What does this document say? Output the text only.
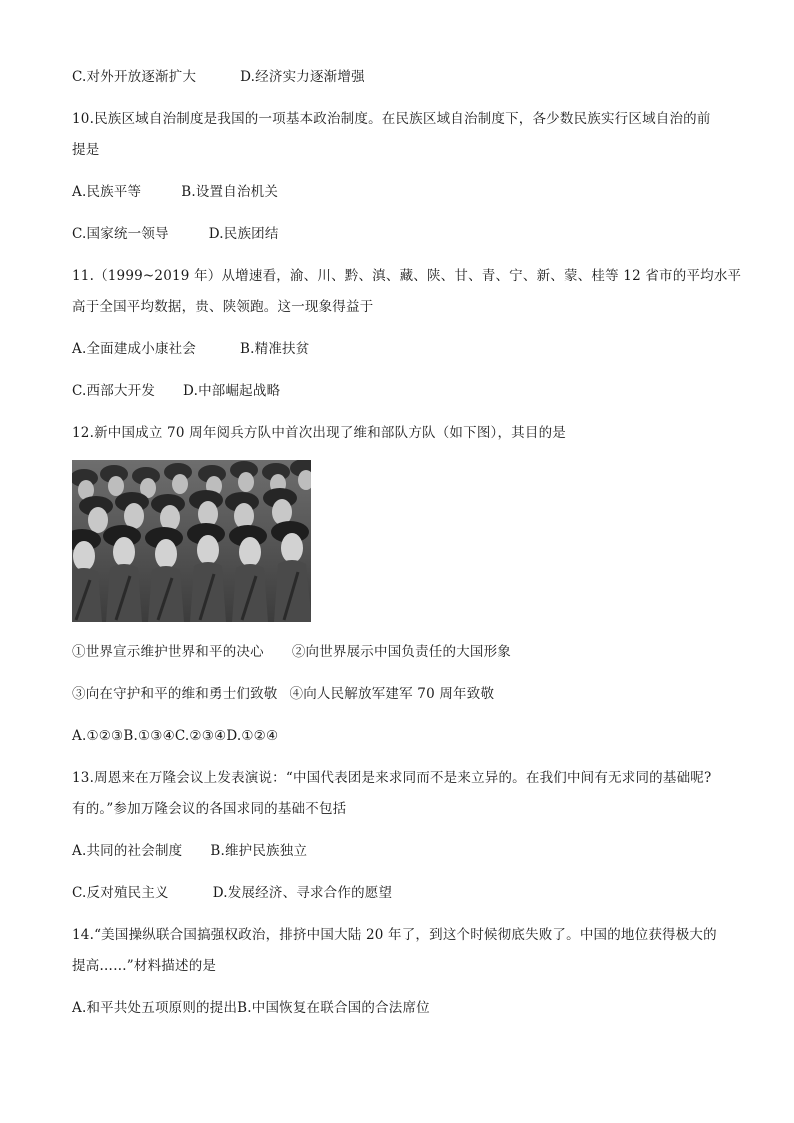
C.对外开放逐渐扩大	D.经济实力逐渐增强
10.民族区域自治制度是我国的一项基本政治制度。在民族区域自治制度下，各少数民族实行区域自治的前
提是
A.民族平等	B.设置自治机关
C.国家统一领导	D.民族团结
11.（1999~2019 年）从增速看，渝、川、黔、滇、藏、陕、甘、青、宁、新、蒙、桂等 12 省市的平均水平
高于全国平均数据，贵、陕领跑。这一现象得益于
A.全面建成小康社会	B.精准扶贫
C.西部大开发 D.中部崛起战略
12.新中国成立 70 周年阅兵方队中首次出现了维和部队方队（如下图），其目的是
①世界宣示维护世界和平的决心 ②向世界展示中国负责任的大国形象
③向在守护和平的维和勇士们致敬 ④向人民解放军建军 70 周年致敬
A.①②③B.①③④C.②③④D.①②④
13.周恩来在万隆会议上发表演说：“中国代表团是来求同而不是来立异的。在我们中间有无求同的基础呢?
有的。”参加万隆会议的各国求同的基础不包括
A.共同的社会制度 B.维护民族独立
C.反对殖民主义	D.发展经济、寻求合作的愿望
14.“美国操纵联合国搞强权政治，排挤中国大陆 20 年了，到这个时候彻底失败了。中国的地位获得极大的
提高……”材料描述的是
A.和平共处五项原则的提出B.中国恢复在联合国的合法席位
